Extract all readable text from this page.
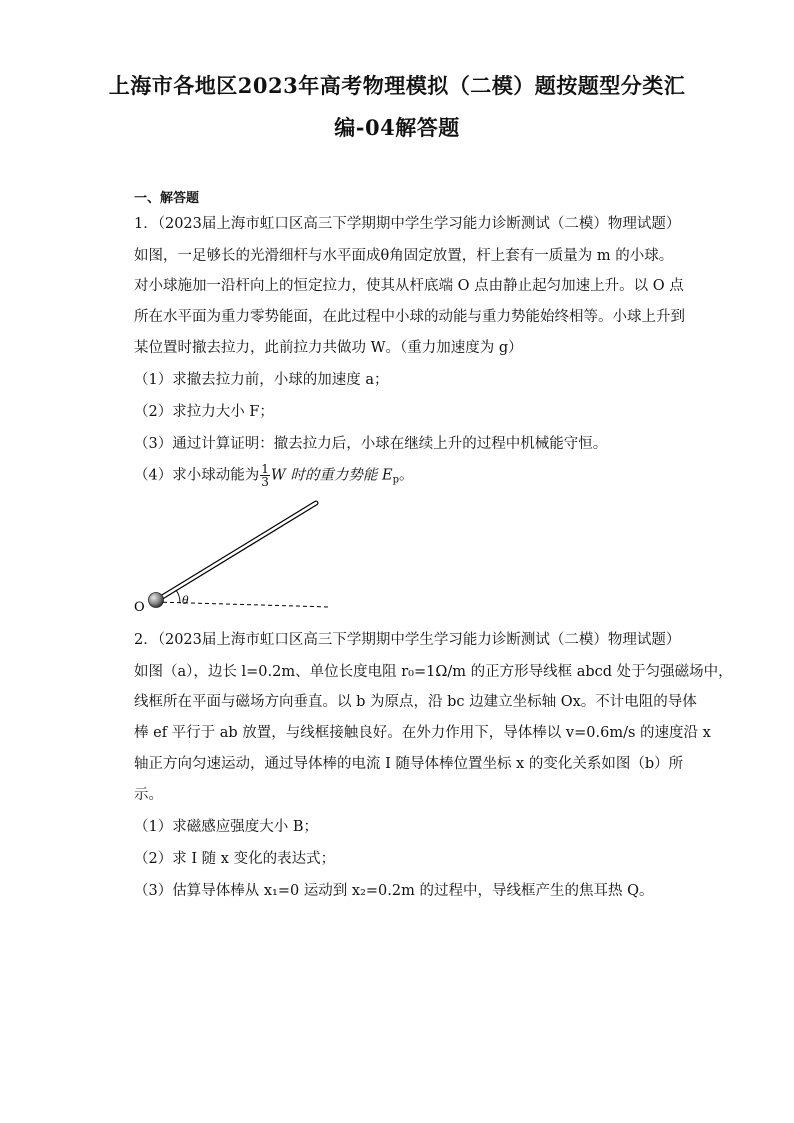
上海市各地区2023年高考物理模拟（二模）题按题型分类汇
编-04解答题
一、解答题
1．（2023届上海市虹口区高三下学期期中学生学习能力诊断测试（二模）物理试题）
如图，一足够长的光滑细杆与水平面成θ角固定放置，杆上套有一质量为 m 的小球。
对小球施加一沿杆向上的恒定拉力，使其从杆底端 O 点由静止起匀加速上升。以 O 点
所在水平面为重力零势能面，在此过程中小球的动能与重力势能始终相等。小球上升到
某位置时撤去拉力，此前拉力共做功 W。（重力加速度为 g）
（1）求撤去拉力前，小球的加速度 a；
（2）求拉力大小 F；
（3）通过计算证明：撤去拉力后，小球在继续上升的过程中机械能守恒。
（4）求小球动能为 $\frac{1}{3}$ W 时的重力势能 $E_p$。
O	θ
2．（2023届上海市虹口区高三下学期期中学生学习能力诊断测试（二模）物理试题）
如图（a），边长 l=0.2m、单位长度电阻 r₀=1Ω/m 的正方形导线框 abcd 处于匀强磁场中，
线框所在平面与磁场方向垂直。以 b 为原点，沿 bc 边建立坐标轴 Ox。不计电阻的导体
棒 ef 平行于 ab 放置，与线框接触良好。在外力作用下，导体棒以 v=0.6m/s 的速度沿 x
轴正方向匀速运动，通过导体棒的电流 I 随导体棒位置坐标 x 的变化关系如图（b）所
示。
（1）求磁感应强度大小 B；
（2）求 I 随 x 变化的表达式；
（3）估算导体棒从 x₁=0 运动到 x₂=0.2m 的过程中，导线框产生的焦耳热 Q。
